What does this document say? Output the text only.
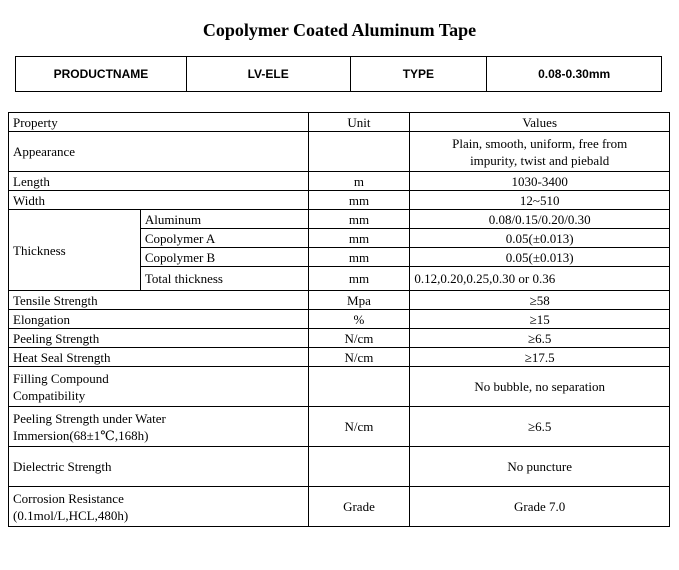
Copolymer Coated Aluminum Tape
PRODUCTNAME	LV-ELE	TYPE	0.08-0.30mm
Property		Unit	Values
Appearance			Plain, smooth, uniform, free from
impurity, twist and piebald

Length		m	1030-3400
Width		mm	12~510
Thickness	Aluminum	mm	0.08/0.15/0.20/0.30
	Copolymer A	mm	0.05(±0.013)
	Copolymer B	mm	0.05(±0.013)
	Total thickness	mm	0.12,0.20,0.25,0.30 or 0.36
Tensile Strength		Mpa	≥58
Elongation		%	≥15
Peeling Strength		N/cm	≥6.5
Heat Seal Strength		N/cm	≥17.5

Filling Compound
Compatibility			No bubble, no separation

Peeling Strength under Water
Immersion(68±1℃,168h)		N/cm	≥6.5
Dielectric Strength			No puncture

Corrosion Resistance
(0.1mol/L,HCL,480h)		Grade	Grade 7.0
